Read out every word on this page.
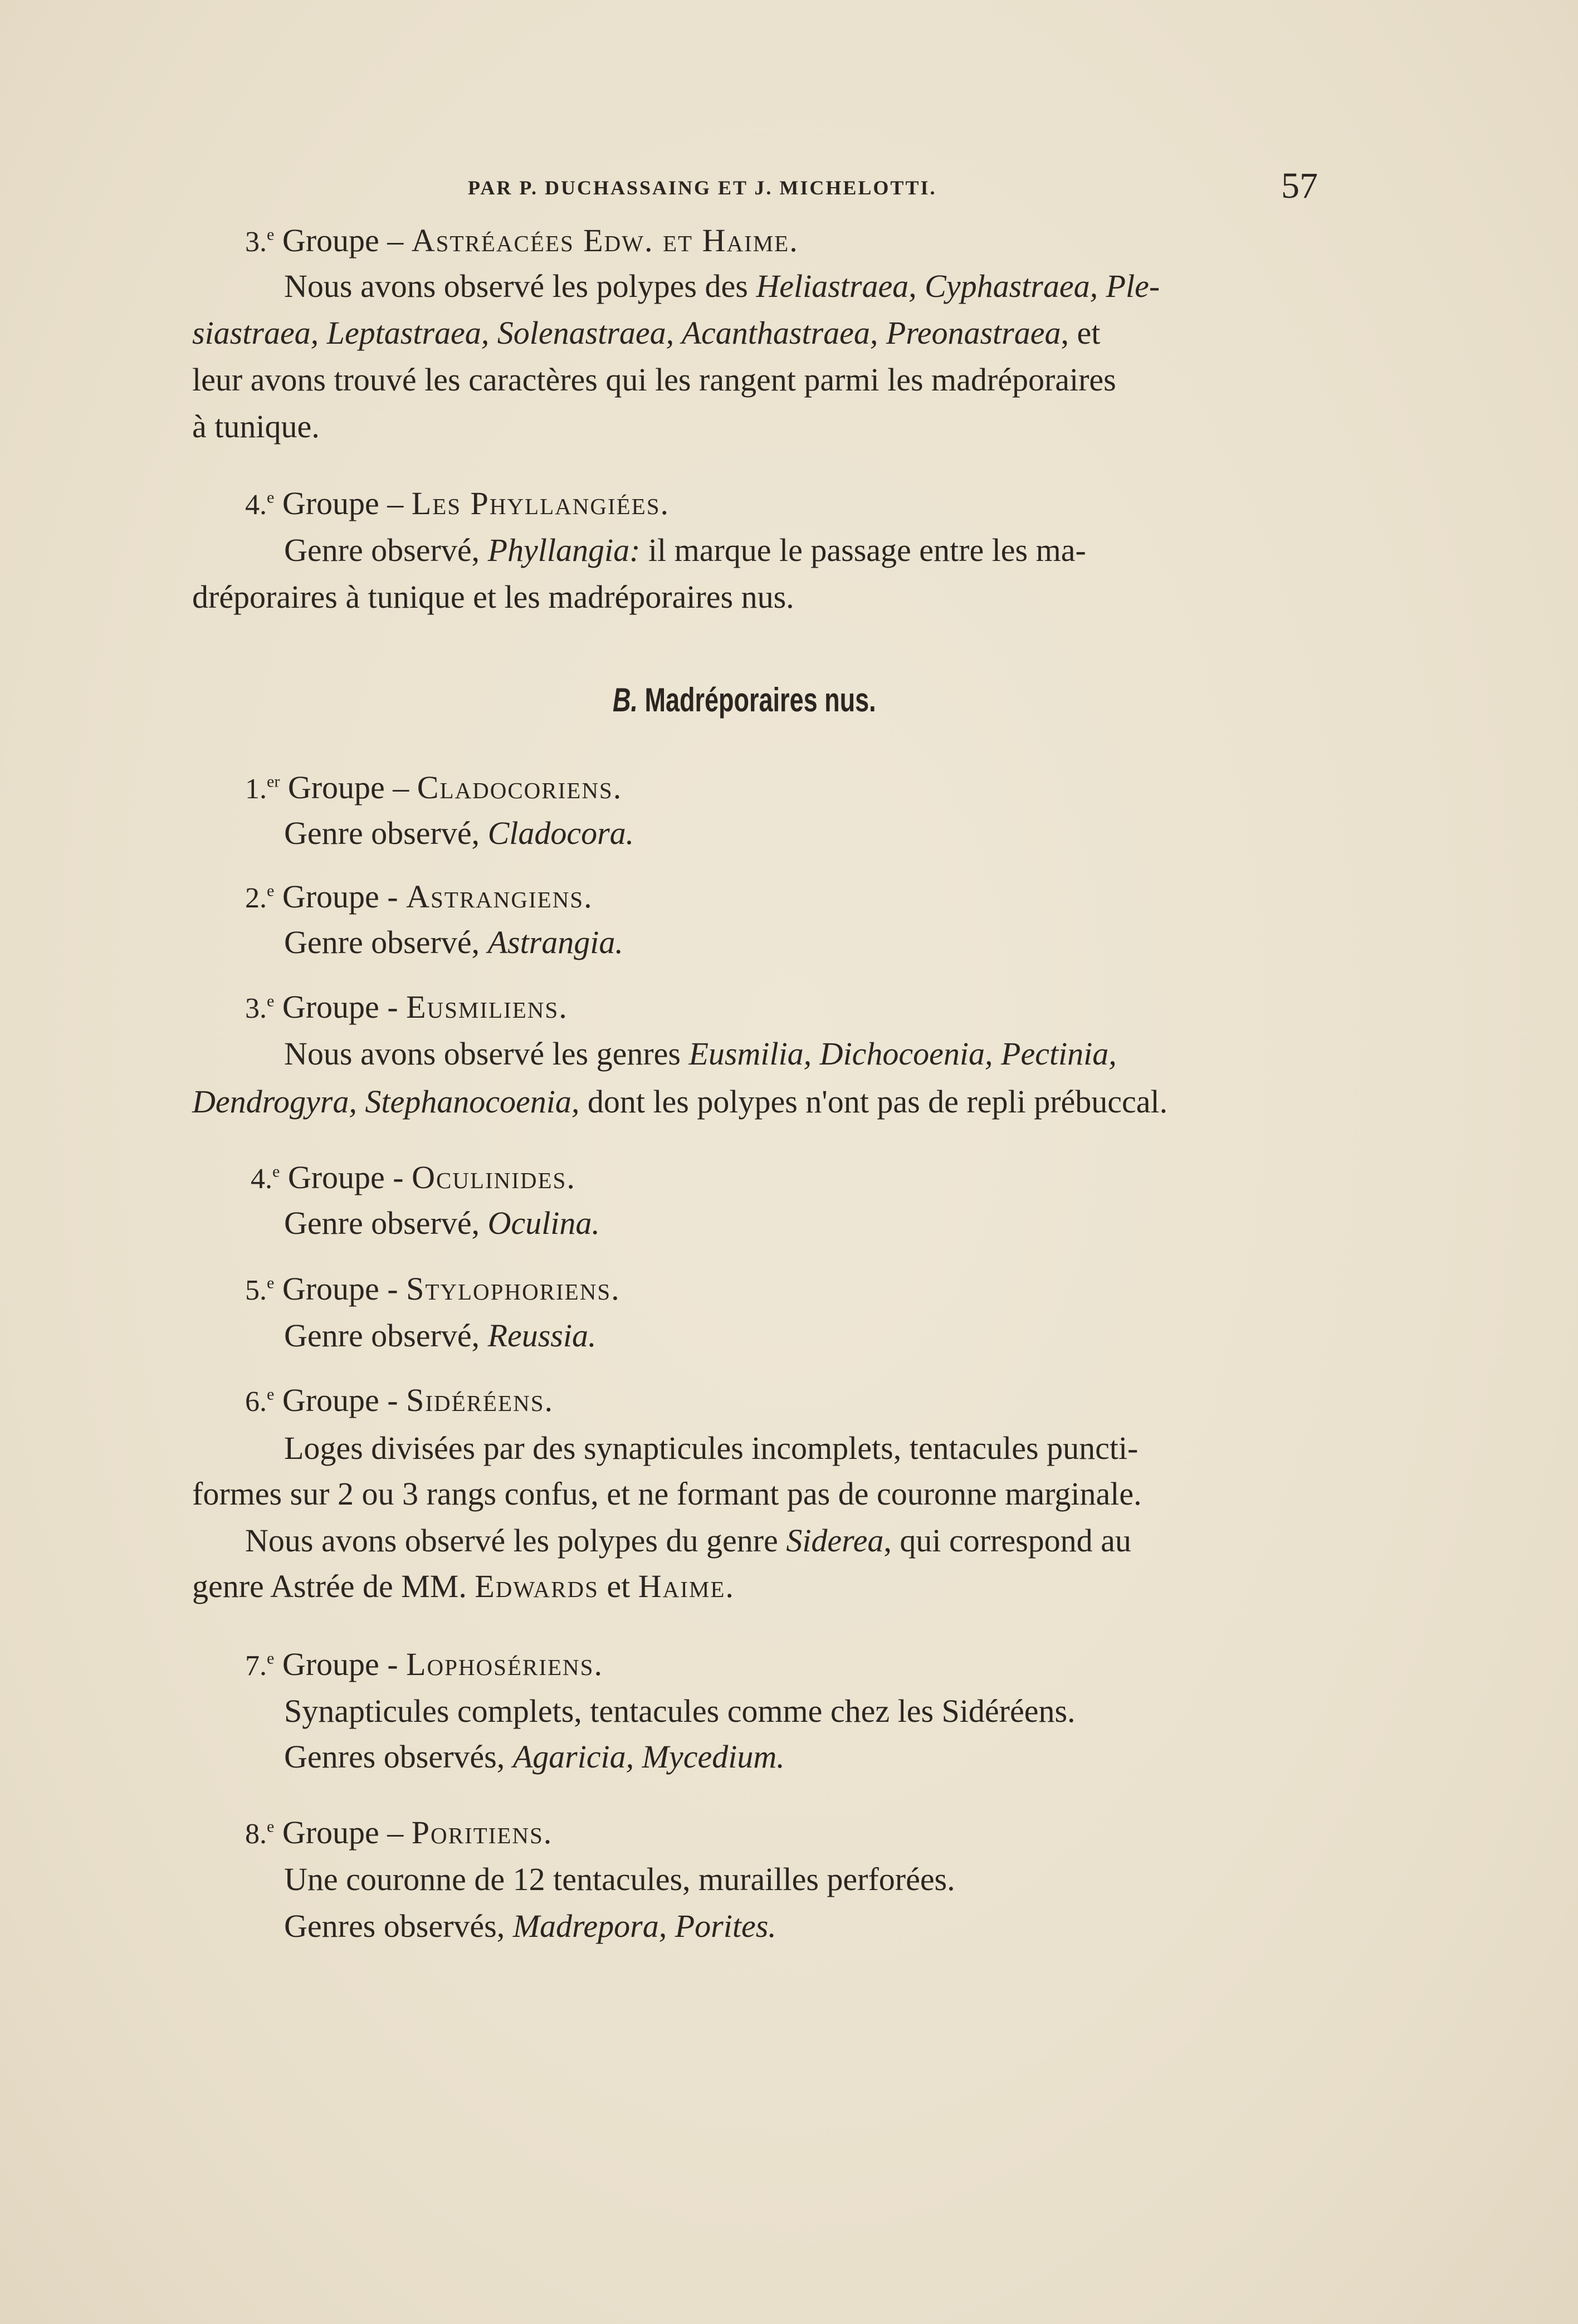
PAR P. DUCHASSAING ET J. MICHELOTTI.	57
3.$^e$ Groupe – Astréacées Edw. et Haime.
Nous avons observé les polypes des Heliastraea, Cyphastraea, Ple-
siastraea, Leptastraea, Solenastraea, Acanthastraea, Preonastraea, et
leur avons trouvé les caractères qui les rangent parmi les madréporaires
à tunique.
4.$^e$ Groupe – Les Phyllangiées.
Genre observé, Phyllangia: il marque le passage entre les ma-
dréporaires à tunique et les madréporaires nus.
B. Madréporaires nus.
1.$^{er}$ Groupe – Cladocoriens.
Genre observé, Cladocora.
2.$^e$ Groupe - Astrangiens.
Genre observé, Astrangia.
3.$^e$ Groupe - Eusmiliens.
Nous avons observé les genres Eusmilia, Dichocoenia, Pectinia,
Dendrogyra, Stephanocoenia, dont les polypes n'ont pas de repli prébuccal.
4.$^e$ Groupe - Oculinides.
Genre observé, Oculina.
5.$^e$ Groupe - Stylophoriens.
Genre observé, Reussia.
6.$^e$ Groupe - Sidéréens.
Loges divisées par des synapticules incomplets, tentacules puncti-
formes sur 2 ou 3 rangs confus, et ne formant pas de couronne marginale.
Nous avons observé les polypes du genre Siderea, qui correspond au
genre Astrée de MM. Edwards et Haime.
7.$^e$ Groupe - Lophosériens.
Synapticules complets, tentacules comme chez les Sidéréens.
Genres observés, Agaricia, Mycedium.
8.$^e$ Groupe – Poritiens.
Une couronne de 12 tentacules, murailles perforées.
Genres observés, Madrepora, Porites.
